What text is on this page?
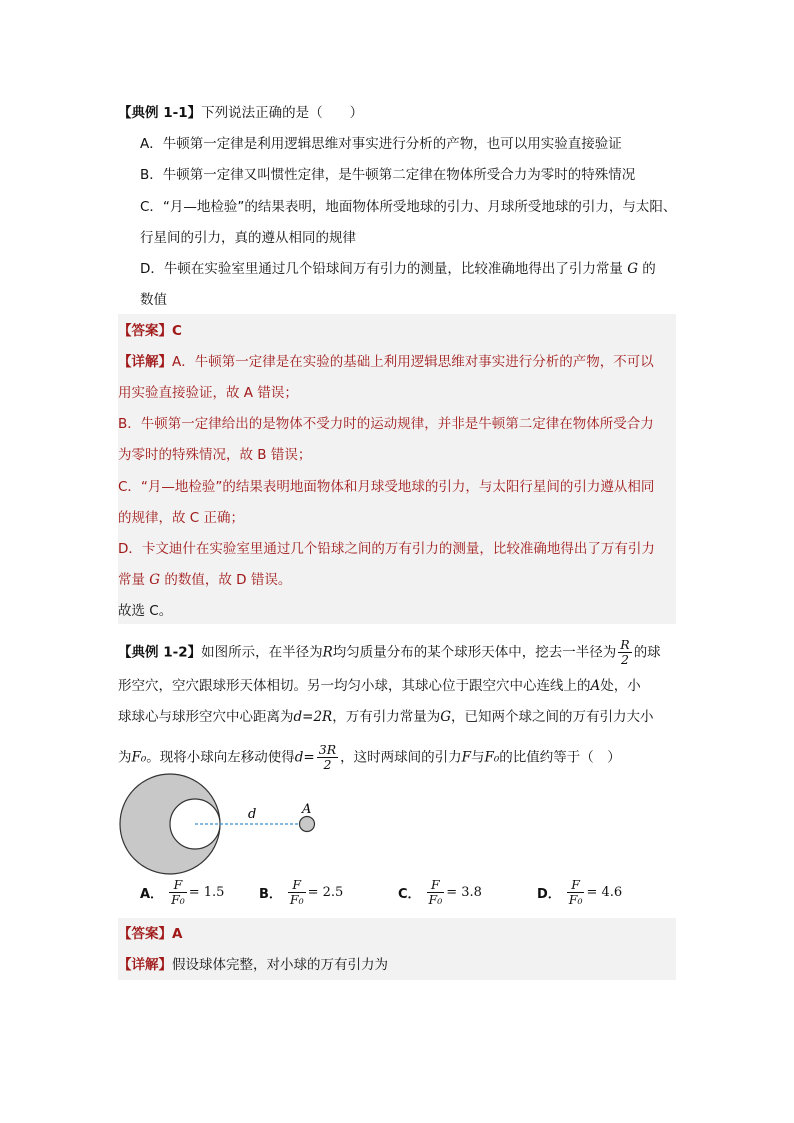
【典例 1-1】下列说法正确的是（　　）
A．牛顿第一定律是利用逻辑思维对事实进行分析的产物，也可以用实验直接验证
B．牛顿第一定律又叫惯性定律，是牛顿第二定律在物体所受合力为零时的特殊情况
C．“月—地检验”的结果表明，地面物体所受地球的引力、月球所受地球的引力，与太阳、
行星间的引力，真的遵从相同的规律
D．牛顿在实验室里通过几个铅球间万有引力的测量，比较准确地得出了引力常量 G 的
数值
【答案】C
【详解】A．牛顿第一定律是在实验的基础上利用逻辑思维对事实进行分析的产物，不可以
用实验直接验证，故 A 错误；
B．牛顿第一定律给出的是物体不受力时的运动规律，并非是牛顿第二定律在物体所受合力
为零时的特殊情况，故 B 错误；
C．“月—地检验”的结果表明地面物体和月球受地球的引力，与太阳行星间的引力遵从相同
的规律，故 C 正确；
D．卡文迪什在实验室里通过几个铅球之间的万有引力的测量，比较准确地得出了万有引力
常量 G 的数值，故 D 错误。
故选 C。
【典例 1-2】如图所示，在半径为R均匀质量分布的某个球形天体中，挖去一半径为 $\frac{R}{2}$ 的球
形空穴，空穴跟球形天体相切。另一均匀小球，其球心位于跟空穴中心连线上的A处，小
球球心与球形空穴中心距离为d=2R，万有引力常量为G，已知两个球之间的万有引力大小
为F₀。现将小球向左移动使得$d= \frac{3R}{2}$ ，这时两球间的引力F与F₀的比值约等于（　）
d	A
A． $\frac{F}{\text{F₀}} = 1.5$	B． $\frac{F}{\text{F₀}} = 2.5$	C． $\frac{F}{\text{F₀}} = 3.8$	D． $\frac{F}{\text{F₀}} = 4.6$
【答案】A
【详解】假设球体完整，对小球的万有引力为
